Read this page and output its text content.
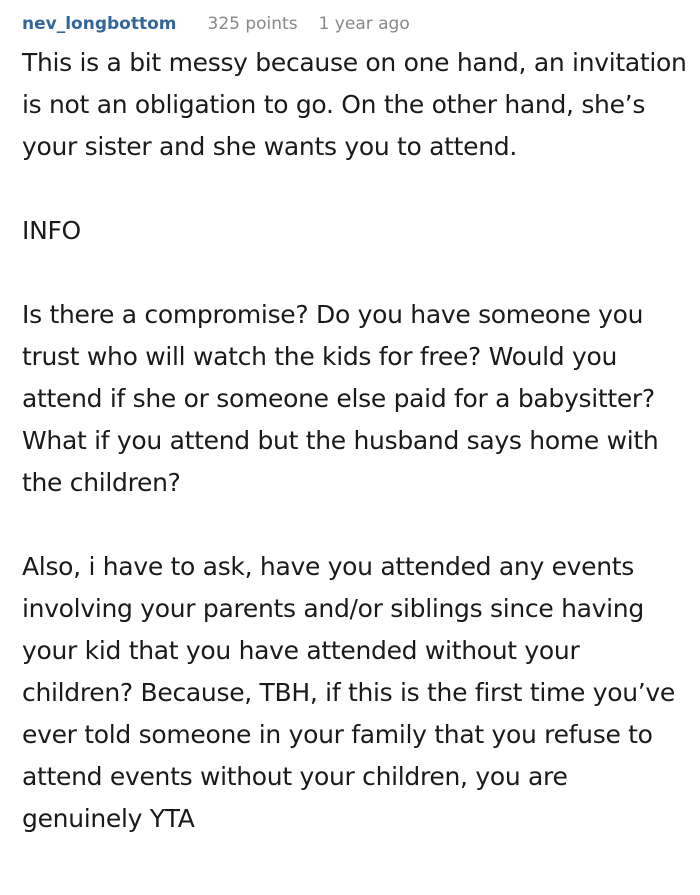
nev_longbottom 325 points 1 year ago

This is a bit messy because on one hand, an invitation is not an obligation to go. On the other hand, she’s your sister and she wants you to attend.

INFO

Is there a compromise? Do you have someone you trust who will watch the kids for free? Would you attend if she or someone else paid for a babysitter? What if you attend but the husband says home with the children?

Also, i have to ask, have you attended any events involving your parents and/or siblings since having your kid that you have attended without your children? Because, TBH, if this is the first time you’ve ever told someone in your family that you refuse to attend events without your children, you are genuinely YTA
